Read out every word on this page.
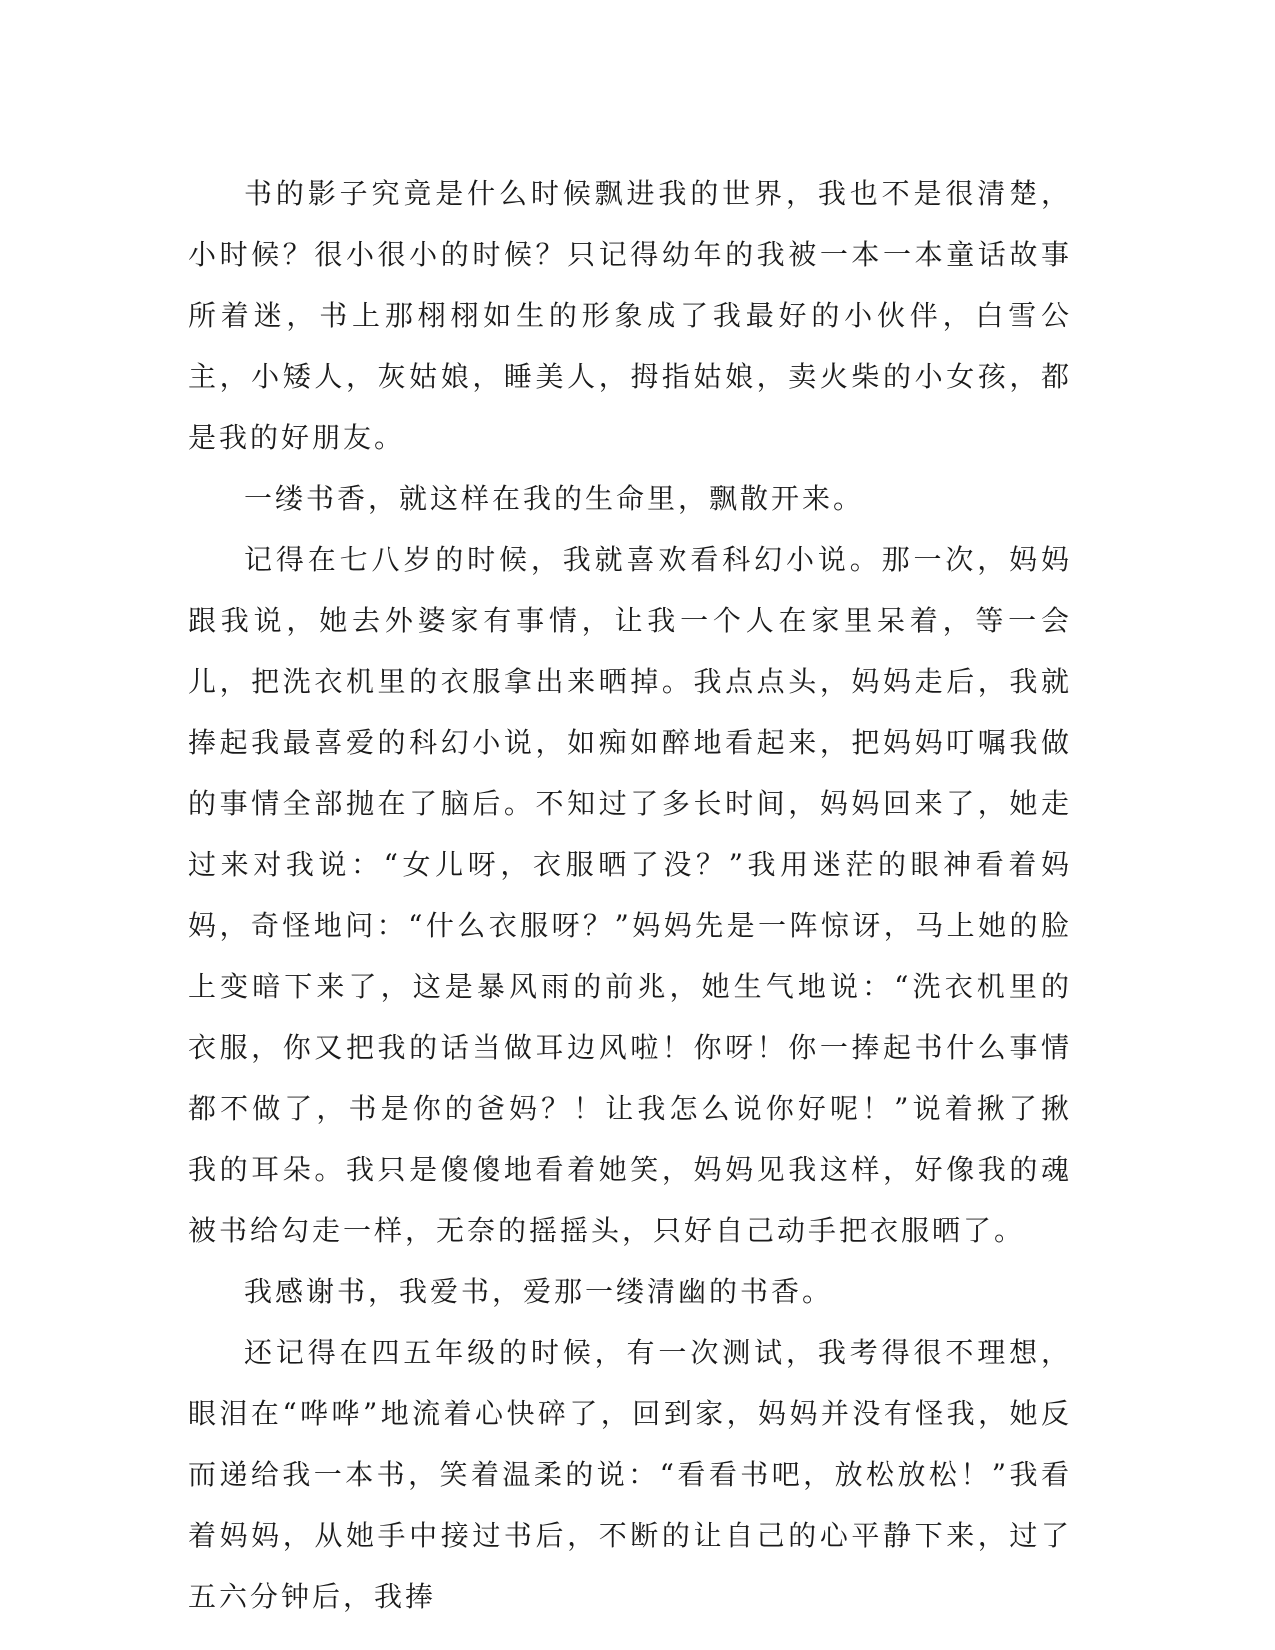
书的影子究竟是什么时候飘进我的世界，我也不是很清楚，小时候？很小很小的时候？只记得幼年的我被一本一本童话故事所着迷，书上那栩栩如生的形象成了我最好的小伙伴，白雪公主，小矮人，灰姑娘，睡美人，拇指姑娘，卖火柴的小女孩，都是我的好朋友。

一缕书香，就这样在我的生命里，飘散开来。

记得在七八岁的时候，我就喜欢看科幻小说。那一次，妈妈跟我说，她去外婆家有事情，让我一个人在家里呆着，等一会儿，把洗衣机里的衣服拿出来晒掉。我点点头，妈妈走后，我就捧起我最喜爱的科幻小说，如痴如醉地看起来，把妈妈叮嘱我做的事情全部抛在了脑后。不知过了多长时间，妈妈回来了，她走过来对我说：“女儿呀，衣服晒了没？”我用迷茫的眼神看着妈妈，奇怪地问：“什么衣服呀？”妈妈先是一阵惊讶，马上她的脸上变暗下来了，这是暴风雨的前兆，她生气地说：“洗衣机里的衣服，你又把我的话当做耳边风啦！你呀！你一捧起书什么事情都不做了，书是你的爸妈？！让我怎么说你好呢！”说着揪了揪我的耳朵。我只是傻傻地看着她笑，妈妈见我这样，好像我的魂被书给勾走一样，无奈的摇摇头，只好自己动手把衣服晒了。

我感谢书，我爱书，爱那一缕清幽的书香。

还记得在四五年级的时候，有一次测试，我考得很不理想，眼泪在“哗哗”地流着心快碎了，回到家，妈妈并没有怪我，她反而递给我一本书，笑着温柔的说：“看看书吧，放松放松！”我看着妈妈，从她手中接过书后，不断的让自己的心平静下来，过了五六分钟后，我捧
